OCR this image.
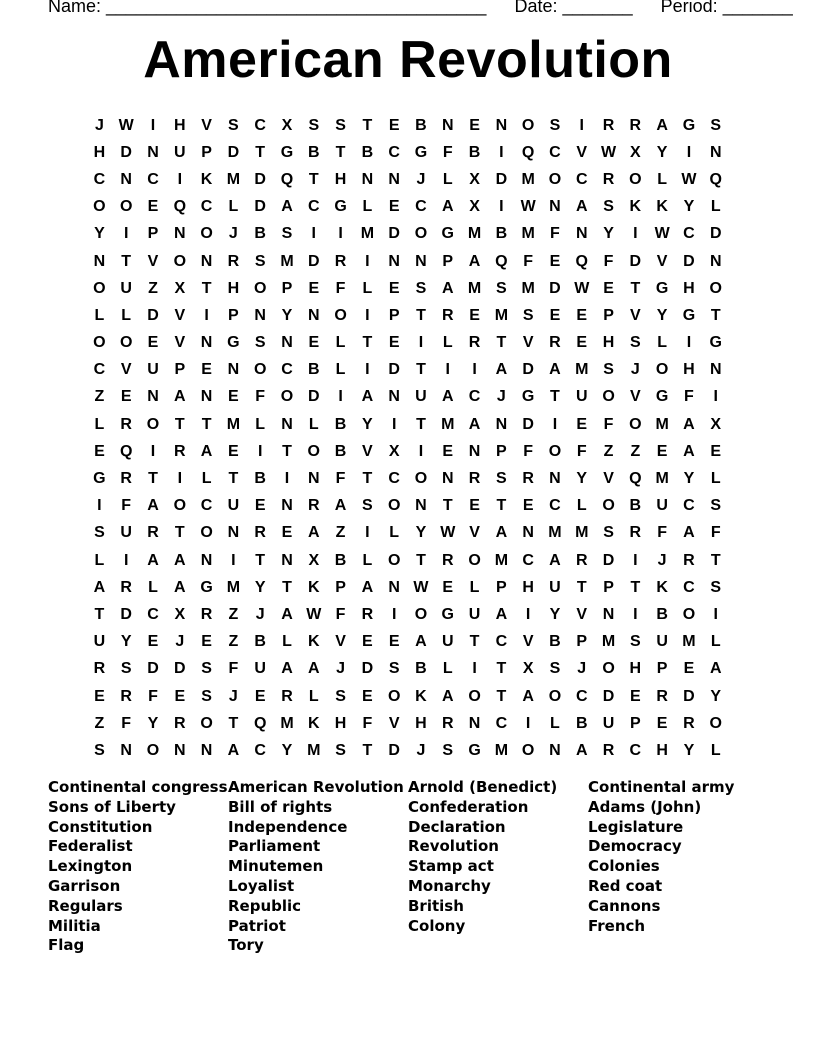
Name: ______________________________________ Date: _______ Period: _______
American Revolution
J W	I	H V	S C X	S	S	T	E B N E N O S	I	R R A G S
H D N U P D	T G B	T	B C G F	B	I	Q C V W X	Y	I	N
C N C	I	K M D Q T	H N N	J	L	X D M O C R O L W Q
O O E Q C	L	D A C G L	E C A X	I	W N A S K K Y	L
Y	I	P N O	J	B S	I	I	M D O G M B M F	N Y	I	W C D
N	T	V O N R S M D R	I	N N P A Q F	E Q F	D V D N
O U	Z	X	T	H O P	E	F	L	E	S A M S M D W E	T G H O
L	L	D V	I	P N Y N O	I	P	T	R E M S	E	E	P	V	Y G T
O O E	V N G S N E	L	T	E	I	L	R	T	V R E H S	L	I	G
C V U P	E N O C B	L	I	D	T	I	I	A D A M S	J	O H N
Z	E N A N E	F O D	I	A N U A C	J	G T	U O V G F	I
L	R O T	T M L	N	L	B Y	I	T M A N D	I	E	F O M A X
E Q	I	R A E	I	T O B V	X	I	E N P	F O F	Z	Z	E A E
G R	T	I	L	T	B	I	N	F	T	C O N R S R N Y	V Q M Y	L
I	F	A O C U E N R A S O N	T	E	T	E C	L O B U C S
S U R	T O N R E A	Z	I	L	Y W V A N M M S R	F	A	F
L	I	A A N	I	T	N X B	L O T	R O M C A R D	I	J	R	T
A R	L	A G M Y	T	K P A N W E	L	P H U	T	P	T	K C S
T	D C X R	Z	J	A W F	R	I	O G U A	I	Y	V N	I	B O	I
U Y	E	J	E	Z	B	L	K V	E	E A U	T	C V B P M S U M L
R S D D S	F	U A A	J	D S B	L	I	T	X	S	J	O H P	E A
E R	F	E	S	J	E R	L	S	E O K A O T	A O C D E R D Y
Z	F	Y R O T Q M K H	F	V H R N C	I	L	B U P	E R O
S N O N N A C Y M S	T	D	J	S G M O N A R C H Y	L
Continental congress
Sons of Liberty
Constitution
Federalist
Lexington
Garrison
Regulars
Militia
Flag
American Revolution
Bill of rights
Independence
Parliament
Minutemen
Loyalist
Republic
Patriot
Tory
Arnold (Benedict)
Confederation
Declaration
Revolution
Stamp act
Monarchy
British
Colony
Continental army
Adams (John)
Legislature
Democracy
Colonies
Red coat
Cannons
French
